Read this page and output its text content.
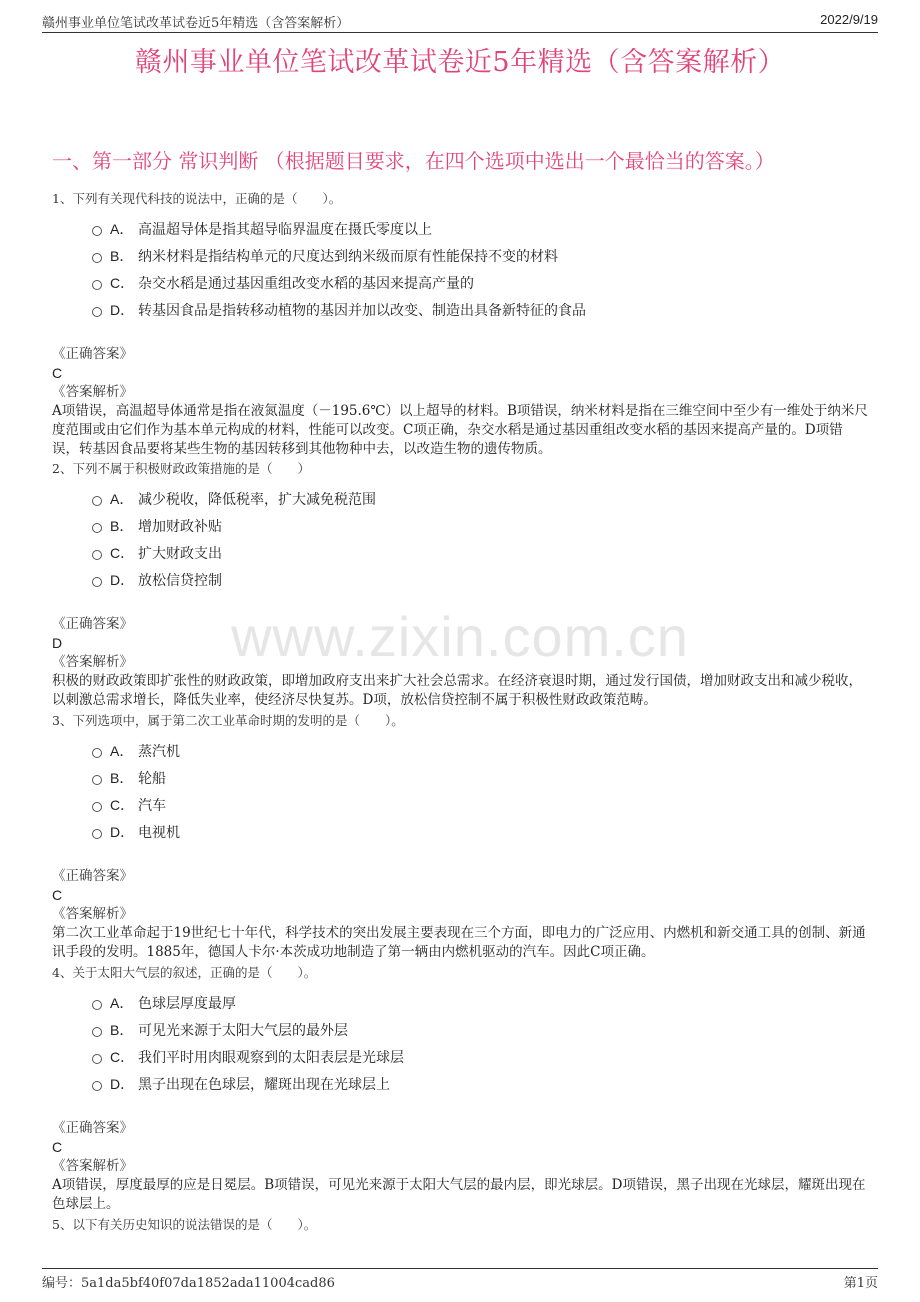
赣州事业单位笔试改革试卷近5年精选（含答案解析）	2022/9/19
赣州事业单位笔试改革试卷近5年精选（含答案解析）
一、第一部分 常识判断 （根据题目要求，在四个选项中选出一个最恰当的答案。）
www.zixin.com.cn
1、下列有关现代科技的说法中，正确的是（　　）。
A． 高温超导体是指其超导临界温度在摄氏零度以上
B． 纳米材料是指结构单元的尺度达到纳米级而原有性能保持不变的材料
C． 杂交水稻是通过基因重组改变水稻的基因来提高产量的
D． 转基因食品是指转移动植物的基因并加以改变、制造出具备新特征的食品
《正确答案》
C
《答案解析》
A项错误，高温超导体通常是指在液氮温度（－195.6℃）以上超导的材料。B项错误，纳米材料是指在三维空间中至少有一维处于纳米尺度范围或由它们作为基本单元构成的材料，性能可以改变。C项正确，杂交水稻是通过基因重组改变水稻的基因来提高产量的。D项错误，转基因食品要将某些生物的基因转移到其他物种中去，以改造生物的遗传物质。
2、下列不属于积极财政政策措施的是（　　）
A． 减少税收，降低税率，扩大减免税范围
B． 增加财政补贴
C． 扩大财政支出
D． 放松信贷控制
《正确答案》
D
《答案解析》
积极的财政政策即扩张性的财政政策，即增加政府支出来扩大社会总需求。在经济衰退时期，通过发行国债，增加财政支出和减少税收，以刺激总需求增长，降低失业率，使经济尽快复苏。D项，放松信贷控制不属于积极性财政政策范畴。
3、下列选项中，属于第二次工业革命时期的发明的是（　　）。
A． 蒸汽机
B． 轮船
C． 汽车
D． 电视机
《正确答案》
C
《答案解析》
第二次工业革命起于19世纪七十年代，科学技术的突出发展主要表现在三个方面，即电力的广泛应用、内燃机和新交通工具的创制、新通讯手段的发明。1885年，德国人卡尔·本茨成功地制造了第一辆由内燃机驱动的汽车。因此C项正确。
4、关于太阳大气层的叙述，正确的是（　　）。
A． 色球层厚度最厚
B． 可见光来源于太阳大气层的最外层
C． 我们平时用肉眼观察到的太阳表层是光球层
D． 黑子出现在色球层，耀斑出现在光球层上
《正确答案》
C
《答案解析》
A项错误，厚度最厚的应是日冕层。B项错误，可见光来源于太阳大气层的最内层，即光球层。D项错误，黑子出现在光球层，耀斑出现在色球层上。
5、以下有关历史知识的说法错误的是（　　）。
编号：5a1da5bf40f07da1852ada11004cad86	第1页
